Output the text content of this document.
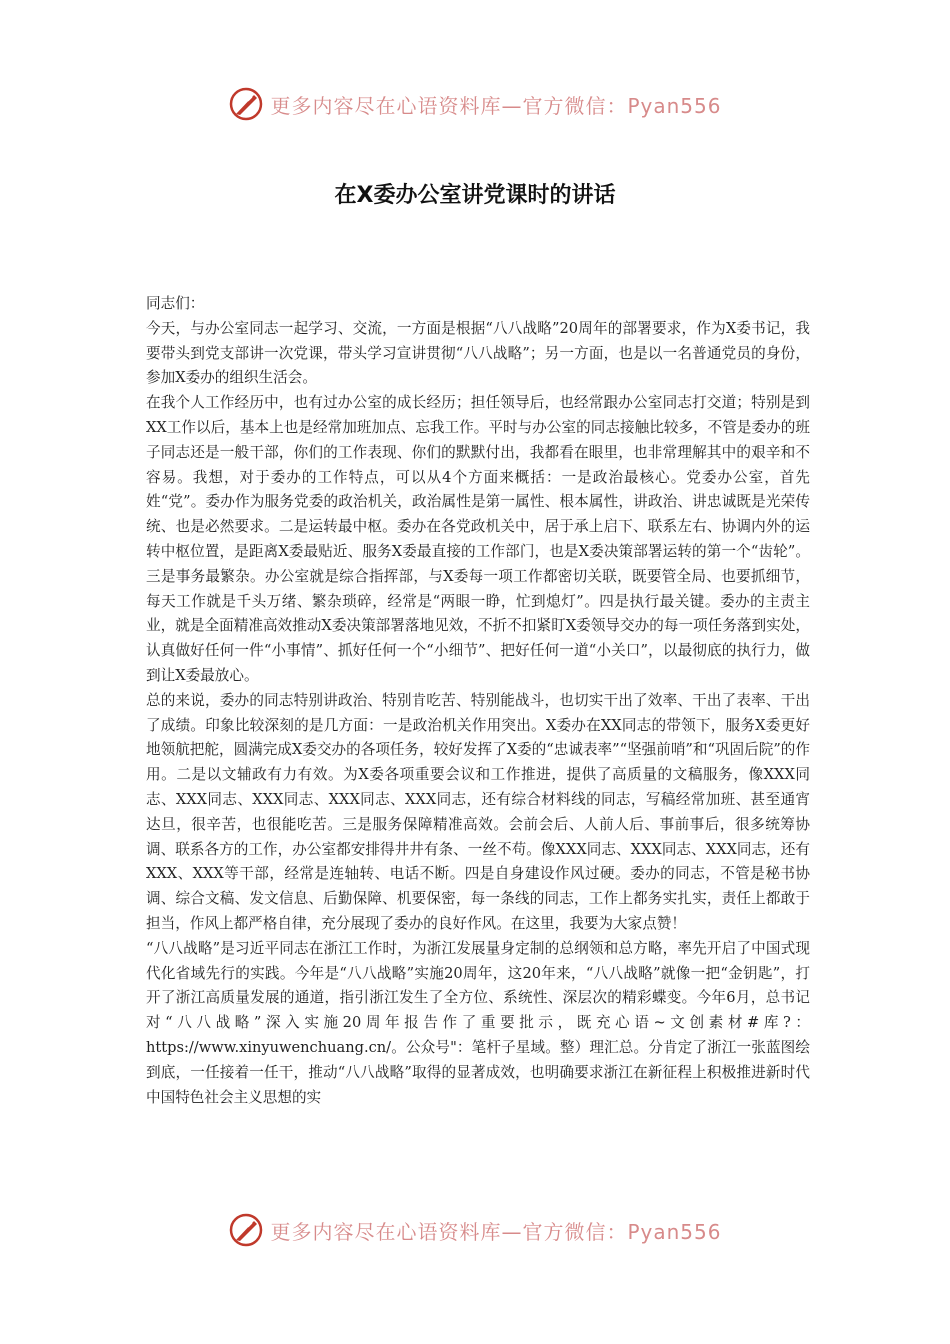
更多内容尽在心语资料库—官方微信：Pyan556
在X委办公室讲党课时的讲话

同志们：

今天，与办公室同志一起学习、交流，一方面是根据“八八战略”20周年的部署要求，作为X委书记，我要带头到党支部讲一次党课，带头学习宣讲贯彻“八八战略”；另一方面，也是以一名普通党员的身份，参加X委办的组织生活会。

在我个人工作经历中，也有过办公室的成长经历；担任领导后，也经常跟办公室同志打交道；特别是到XX工作以后，基本上也是经常加班加点、忘我工作。平时与办公室的同志接触比较多，不管是委办的班子同志还是一般干部，你们的工作表现、你们的默默付出，我都看在眼里，也非常理解其中的艰辛和不容易。我想，对于委办的工作特点，可以从4个方面来概括：一是政治最核心。党委办公室，首先姓“党”。委办作为服务党委的政治机关，政治属性是第一属性、根本属性，讲政治、讲忠诚既是光荣传统、也是必然要求。二是运转最中枢。委办在各党政机关中，居于承上启下、联系左右、协调内外的运转中枢位置，是距离X委最贴近、服务X委最直接的工作部门，也是X委决策部署运转的第一个“齿轮”。三是事务最繁杂。办公室就是综合指挥部，与X委每一项工作都密切关联，既要管全局、也要抓细节，每天工作就是千头万绪、繁杂琐碎，经常是“两眼一睁，忙到熄灯”。四是执行最关键。委办的主责主业，就是全面精准高效推动X委决策部署落地见效，不折不扣紧盯X委领导交办的每一项任务落到实处，认真做好任何一件“小事情”、抓好任何一个“小细节”、把好任何一道“小关口”，以最彻底的执行力，做到让X委最放心。

总的来说，委办的同志特别讲政治、特别肯吃苦、特别能战斗，也切实干出了效率、干出了表率、干出了成绩。印象比较深刻的是几方面：一是政治机关作用突出。X委办在XX同志的带领下，服务X委更好地领航把舵，圆满完成X委交办的各项任务，较好发挥了X委的“忠诚表率”“坚强前哨”和“巩固后院”的作用。二是以文辅政有力有效。为X委各项重要会议和工作推进，提供了高质量的文稿服务，像XXX同志、XXX同志、XXX同志、XXX同志、XXX同志，还有综合材料线的同志，写稿经常加班、甚至通宵达旦，很辛苦，也很能吃苦。三是服务保障精准高效。会前会后、人前人后、事前事后，很多统筹协调、联系各方的工作，办公室都安排得井井有条、一丝不苟。像XXX同志、XXX同志、XXX同志，还有XXX、XXX等干部，经常是连轴转、电话不断。四是自身建设作风过硬。委办的同志，不管是秘书协调、综合文稿、发文信息、后勤保障、机要保密，每一条线的同志，工作上都务实扎实，责任上都敢于担当，作风上都严格自律，充分展现了委办的良好作风。在这里，我要为大家点赞！

“八八战略”是习近平同志在浙江工作时，为浙江发展量身定制的总纲领和总方略，率先开启了中国式现代化省域先行的实践。今年是“八八战略”实施20周年，这20年来，“八八战略”就像一把“金钥匙”，打开了浙江高质量发展的通道，指引浙江发生了全方位、系统性、深层次的精彩蝶变。今年6月，总书记对“八八战略”深入实施20周年报告作了重要批示，既充心语~文创素材#库?：https://www.xinyuwenchuang.cn/。公众号"：笔杆子星域。整）理汇总。分肯定了浙江一张蓝图绘到底，一任接着一任干，推动“八八战略”取得的显著成效，也明确要求浙江在新征程上积极推进新时代中国特色社会主义思想的实

更多内容尽在心语资料库—官方微信：Pyan556
